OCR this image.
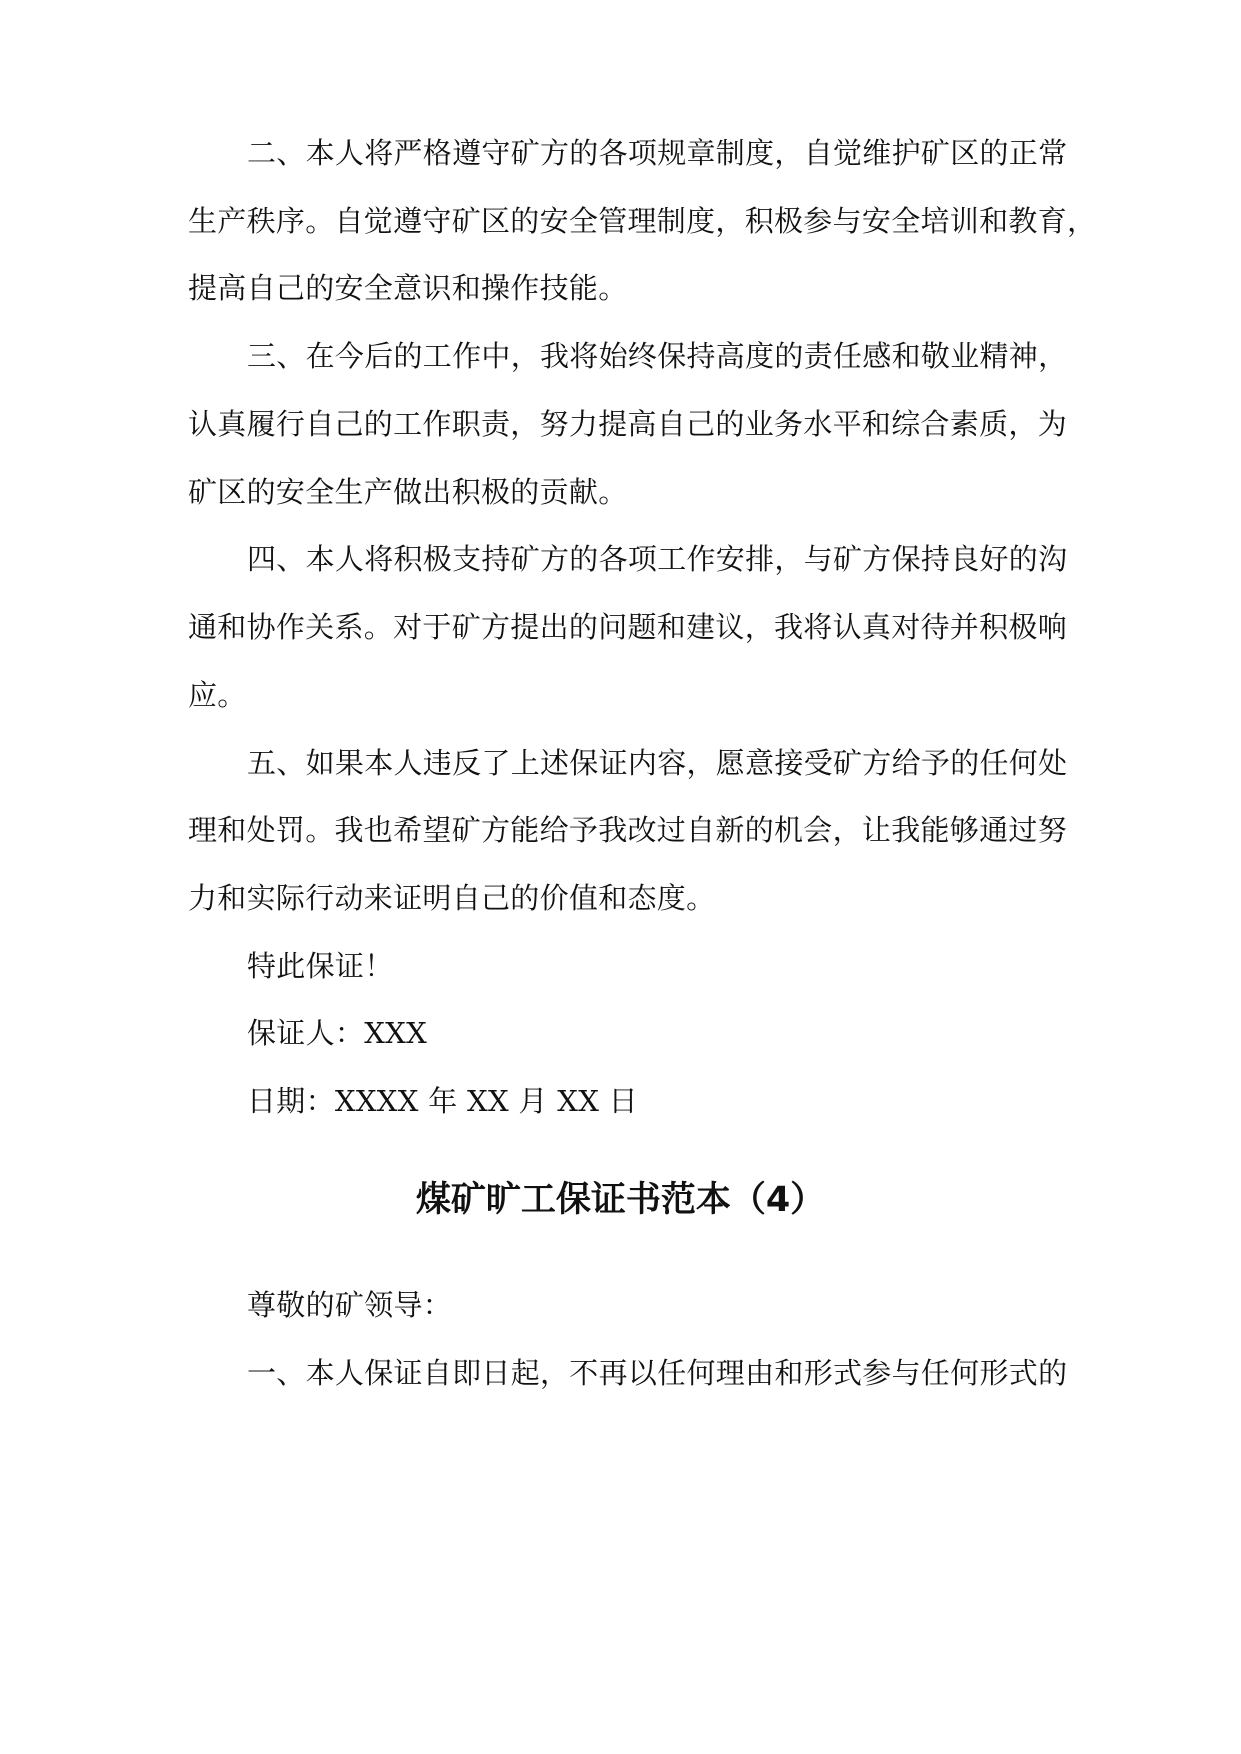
二、本人将严格遵守矿方的各项规章制度，自觉维护矿区的正常
生产秩序。自觉遵守矿区的安全管理制度，积极参与安全培训和教育，
提高自己的安全意识和操作技能。
三、在今后的工作中，我将始终保持高度的责任感和敬业精神，
认真履行自己的工作职责，努力提高自己的业务水平和综合素质，为
矿区的安全生产做出积极的贡献。
四、本人将积极支持矿方的各项工作安排，与矿方保持良好的沟
通和协作关系。对于矿方提出的问题和建议，我将认真对待并积极响
应。
五、如果本人违反了上述保证内容，愿意接受矿方给予的任何处
理和处罚。我也希望矿方能给予我改过自新的机会，让我能够通过努
力和实际行动来证明自己的价值和态度。
特此保证！
保证人：XXX
日期：XXXX 年 XX 月 XX 日
煤矿旷工保证书范本（4）
尊敬的矿领导：
一、本人保证自即日起，不再以任何理由和形式参与任何形式的
